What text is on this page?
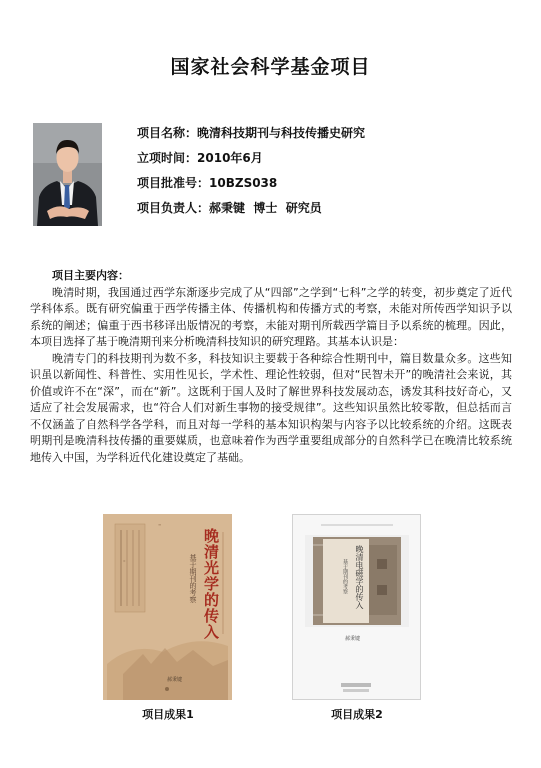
国家社会科学基金项目
项目名称：晚清科技期刊与科技传播史研究
立项时间：2010年6月
项目批准号：10BZS038
项目负责人：郝秉键  博士  研究员
项目主要内容：

晚清时期，我国通过西学东渐逐步完成了从“四部”之学到“七科”之学的转变，初步奠定了近代学科体系。既有研究偏重于西学传播主体、传播机构和传播方式的考察，未能对所传西学知识予以系统的阐述；偏重于西书移译出版情况的考察，未能对期刊所载西学篇目予以系统的梳理。因此，本项目选择了基于晚清期刊来分析晚清科技知识的研究理路。其基本认识是：

晚清专门的科技期刊为数不多，科技知识主要载于各种综合性期刊中，篇目数量众多。这些知识虽以新闻性、科普性、实用性见长，学术性、理论性较弱，但对“民智未开”的晚清社会来说，其价值或许不在“深”，而在“新”。这既利于国人及时了解世界科技发展动态，诱发其科技好奇心，又适应了社会发展需求，也“符合人们对新生事物的接受规律”。这些知识虽然比较零散，但总括而言不仅涵盖了自然科学各学科，而且对每一学科的基本知识构架与内容予以比较系统的介绍。这既表明期刊是晚清科技传播的重要媒质，也意味着作为西学重要组成部分的自然科学已在晚清比较系统地传入中国，为学科近代化建设奠定了基础。

=
≡
晚清光学的传入
基于期刊的考察
郝秉键
晚清电磁学的传入
基于期刊的考察
郝秉键
项目成果1	项目成果2
